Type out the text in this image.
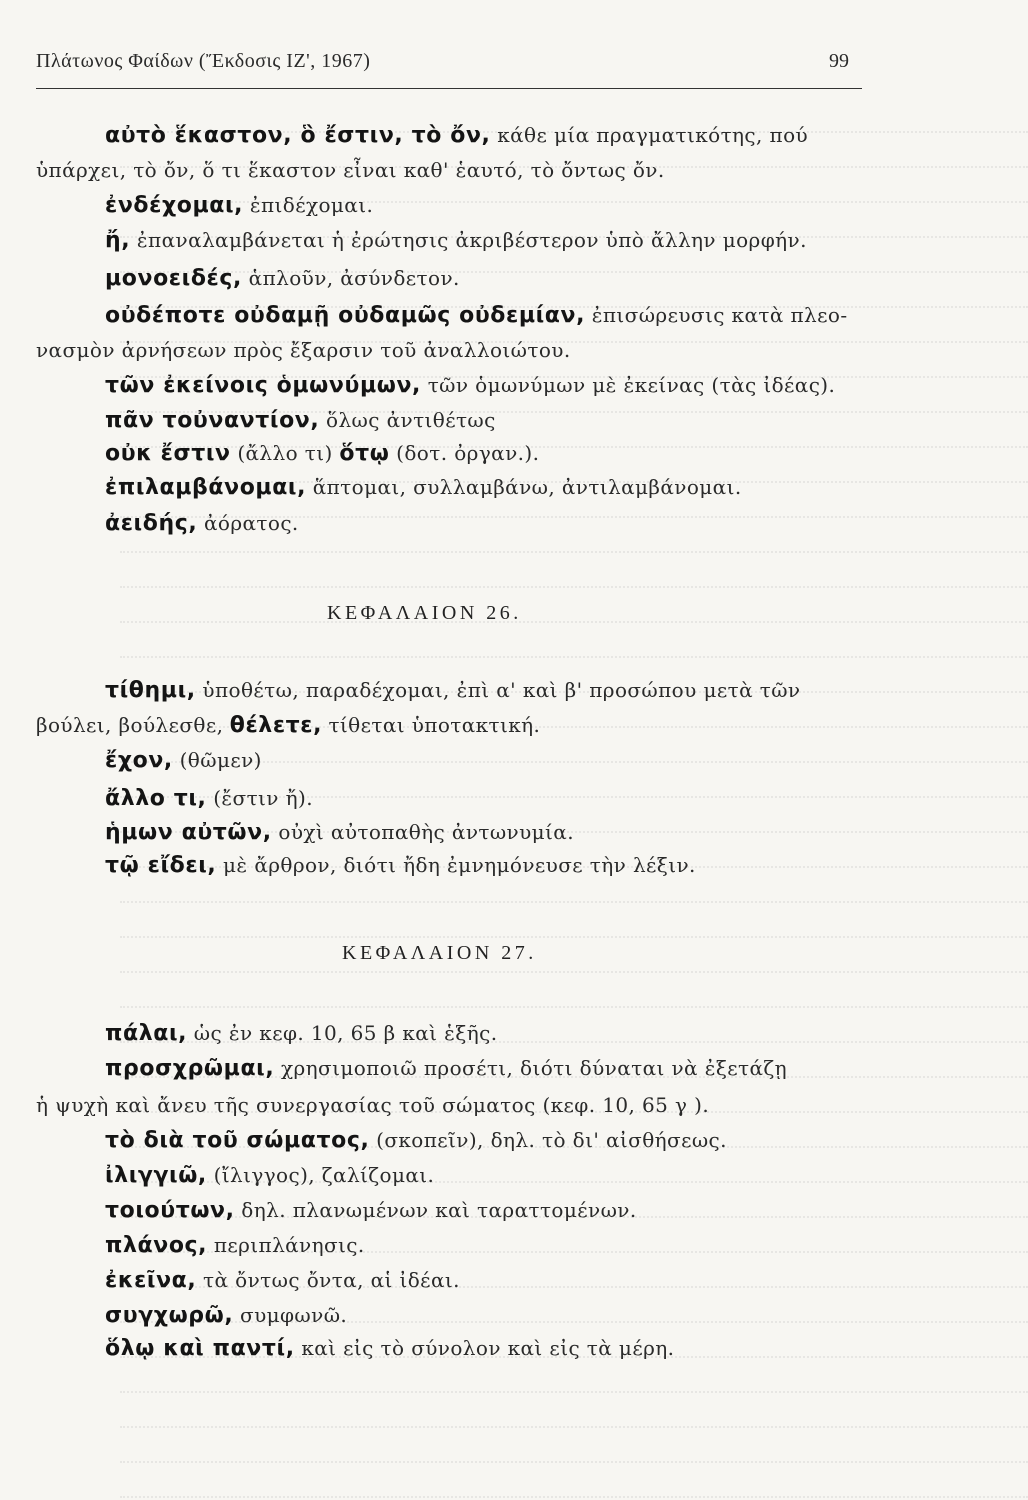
Πλάτωνος Φαίδων (Ἔκδοσις ΙΖ', 1967)	99
αὐτὸ ἕκαστον, ὃ ἔστιν, τὸ ὄν, κάθε μία πραγματικότης, πού
ὑπάρχει, τὸ ὄν, ὅ τι ἕκαστον εἶναι καθ' ἑαυτό, τὸ ὄντως ὄν.
ἐνδέχομαι, ἐπιδέχομαι.
ἤ, ἐπαναλαμβάνεται ἡ ἐρώτησις ἀκριβέστερον ὑπὸ ἄλλην μορφήν.
μονοειδές, ἁπλοῦν, ἀσύνδετον.
οὐδέποτε οὐδαμῇ οὐδαμῶς οὐδεμίαν, ἐπισώρευσις κατὰ πλεο-
νασμὸν ἀρνήσεων πρὸς ἔξαρσιν τοῦ ἀναλλοιώτου.
τῶν ἐκείνοις ὁμωνύμων, τῶν ὁμωνύμων μὲ ἐκείνας (τὰς ἰδέας).
πᾶν τοὐναντίον, ὅλως ἀντιθέτως
οὐκ ἔστιν (ἄλλο τι) ὅτῳ (δοτ. ὀργαν.).
ἐπιλαμβάνομαι, ἅπτομαι, συλλαμβάνω, ἀντιλαμβάνομαι.
ἀειδής, ἀόρατος.
ΚΕΦΑΛΑΙΟΝ 26.
τίθημι, ὑποθέτω, παραδέχομαι, ἐπὶ α' καὶ β' προσώπου μετὰ τῶν
βούλει, βούλεσθε, θέλετε, τίθεται ὑποτακτική.
ἔχον, (θῶμεν)
ἄλλο τι, (ἔστιν ἤ).
ἡμων αὐτῶν, οὐχὶ αὐτοπαθὴς ἀντωνυμία.
τῷ εἴδει, μὲ ἄρθρον, διότι ἤδη ἐμνημόνευσε τὴν λέξιν.
ΚΕΦΑΛΑΙΟΝ 27.
πάλαι, ὡς ἐν κεφ. 10, 65 β καὶ ἑξῆς.
προσχρῶμαι, χρησιμοποιῶ προσέτι, διότι δύναται νὰ ἐξετάζῃ
ἡ ψυχὴ καὶ ἄνευ τῆς συνεργασίας τοῦ σώματος (κεφ. 10, 65 γ ).
τὸ διὰ τοῦ σώματος, (σκοπεῖν), δηλ. τὸ δι' αἰσθήσεως.
ἰλιγγιῶ, (ἴλιγγος), ζαλίζομαι.
τοιούτων, δηλ. πλανωμένων καὶ ταραττομένων.
πλάνος, περιπλάνησις.
ἐκεῖνα, τὰ ὄντως ὄντα, αἱ ἰδέαι.
συγχωρῶ, συμφωνῶ.
ὅλῳ καὶ παντί, καὶ εἰς τὸ σύνολον καὶ εἰς τὰ μέρη.
